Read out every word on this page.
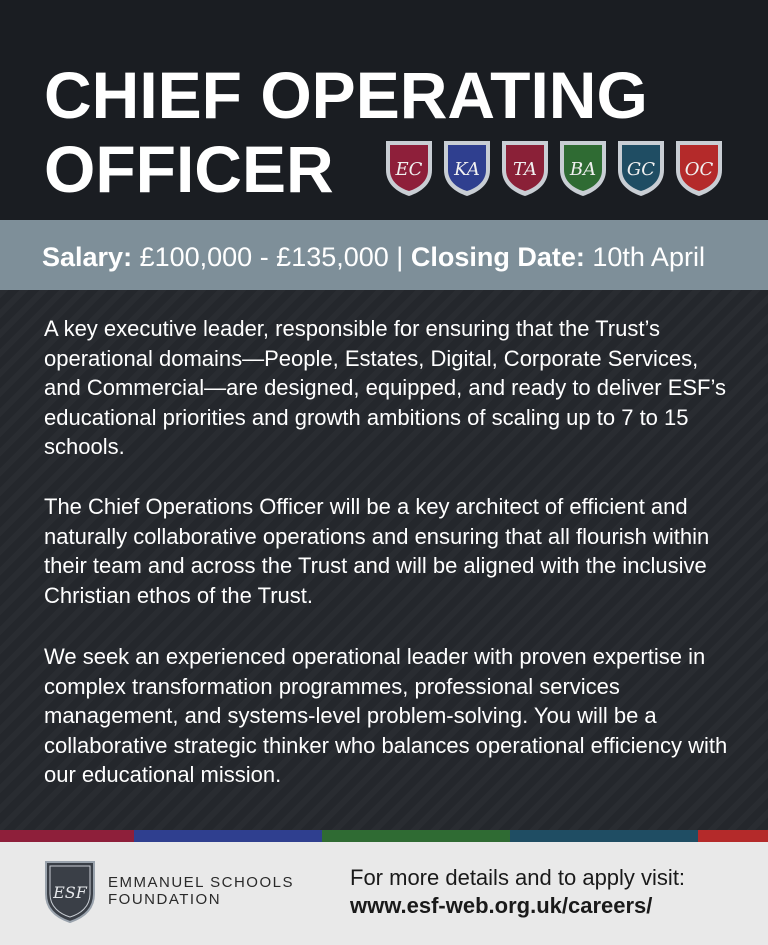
CHIEF OPERATING
OFFICER	EC KA TA BA GC OC
Salary: £100,000 - £135,000 | Closing Date: 10th April

A key executive leader, responsible for ensuring that the Trust’s operational domains—People, Estates, Digital, Corporate Services, and Commercial—are designed, equipped, and ready to deliver ESF’s educational priorities and growth ambitions of scaling up to 7 to 15 schools.

The Chief Operations Officer will be a key architect of efficient and naturally collaborative operations and ensuring that all flourish within their team and across the Trust and will be aligned with the inclusive Christian ethos of the Trust.

We seek an experienced operational leader with proven expertise in complex transformation programmes, professional services management, and systems-level problem-solving. You will be a collaborative strategic thinker who balances operational efficiency with our educational mission.

ESF
EMMANUEL SCHOOLS
FOUNDATION
For more details and to apply visit:
www.esf-web.org.uk/careers/
